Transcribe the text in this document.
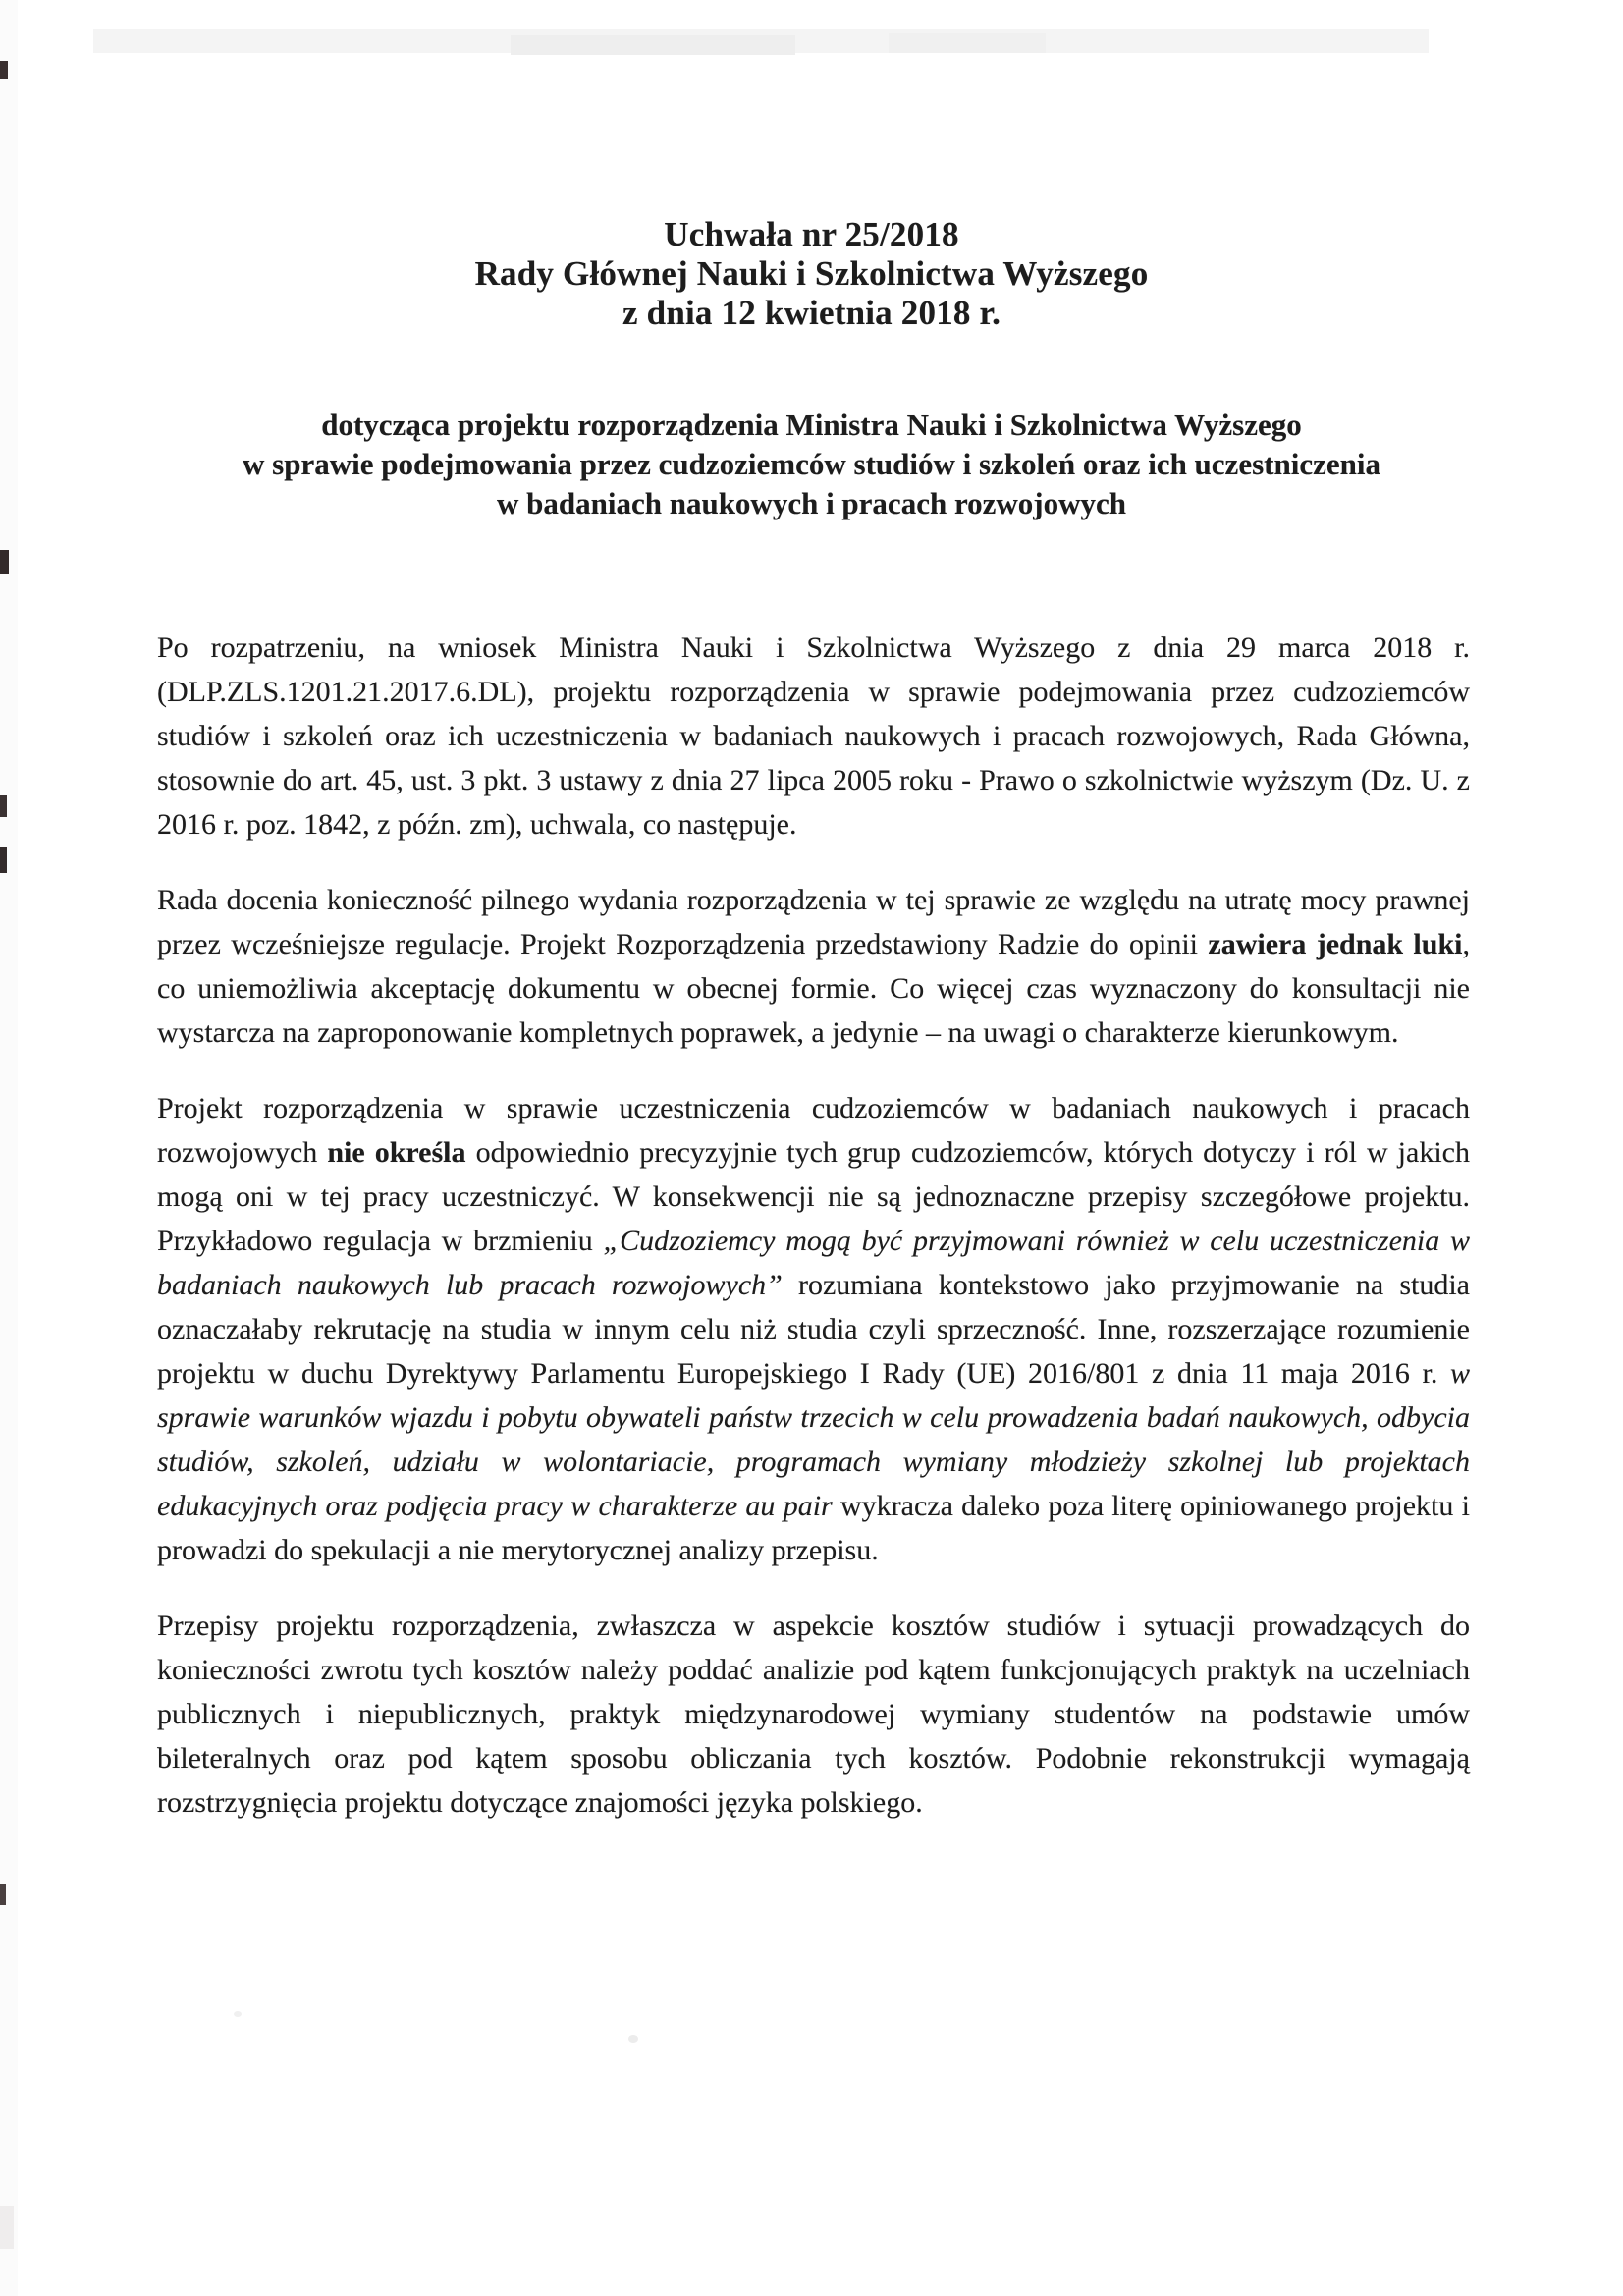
Uchwała nr 25/2018
Rady Głównej Nauki i Szkolnictwa Wyższego
z dnia 12 kwietnia 2018 r.
dotycząca projektu rozporządzenia Ministra Nauki i Szkolnictwa Wyższego
w sprawie podejmowania przez cudzoziemców studiów i szkoleń oraz ich uczestniczenia
w badaniach naukowych i pracach rozwojowych

Po rozpatrzeniu, na wniosek Ministra Nauki i Szkolnictwa Wyższego z dnia 29 marca 2018 r. (DLP.ZLS.1201.21.2017.6.DL), projektu rozporządzenia w sprawie podejmowania przez cudzoziemców studiów i szkoleń oraz ich uczestniczenia w badaniach naukowych i pracach rozwojowych, Rada Główna, stosownie do art. 45, ust. 3 pkt. 3 ustawy z dnia 27 lipca 2005 roku - Prawo o szkolnictwie wyższym (Dz. U. z 2016 r. poz. 1842, z późn. zm), uchwala, co następuje.

Rada docenia konieczność pilnego wydania rozporządzenia w tej sprawie ze względu na utratę mocy prawnej przez wcześniejsze regulacje. Projekt Rozporządzenia przedstawiony Radzie do opinii zawiera jednak luki, co uniemożliwia akceptację dokumentu w obecnej formie. Co więcej czas wyznaczony do konsultacji nie wystarcza na zaproponowanie kompletnych poprawek, a jedynie – na uwagi o charakterze kierunkowym.

Projekt rozporządzenia w sprawie uczestniczenia cudzoziemców w badaniach naukowych i pracach rozwojowych nie określa odpowiednio precyzyjnie tych grup cudzoziemców, których dotyczy i ról w jakich mogą oni w tej pracy uczestniczyć. W konsekwencji nie są jednoznaczne przepisy szczegółowe projektu. Przykładowo regulacja w brzmieniu „Cudzoziemcy mogą być przyjmowani również w celu uczestniczenia w badaniach naukowych lub pracach rozwojowych” rozumiana kontekstowo jako przyjmowanie na studia oznaczałaby rekrutację na studia w innym celu niż studia czyli sprzeczność. Inne, rozszerzające rozumienie projektu w duchu Dyrektywy Parlamentu Europejskiego I Rady (UE) 2016/801 z dnia 11 maja 2016 r. w sprawie warunków wjazdu i pobytu obywateli państw trzecich w celu prowadzenia badań naukowych, odbycia studiów, szkoleń, udziału w wolontariacie, programach wymiany młodzieży szkolnej lub projektach edukacyjnych oraz podjęcia pracy w charakterze au pair wykracza daleko poza literę opiniowanego projektu i prowadzi do spekulacji a nie merytorycznej analizy przepisu.

Przepisy projektu rozporządzenia, zwłaszcza w aspekcie kosztów studiów i sytuacji prowadzących do konieczności zwrotu tych kosztów należy poddać analizie pod kątem funkcjonujących praktyk na uczelniach publicznych i niepublicznych, praktyk międzynarodowej wymiany studentów na podstawie umów bileteralnych oraz pod kątem sposobu obliczania tych kosztów. Podobnie rekonstrukcji wymagają rozstrzygnięcia projektu dotyczące znajomości języka polskiego.
